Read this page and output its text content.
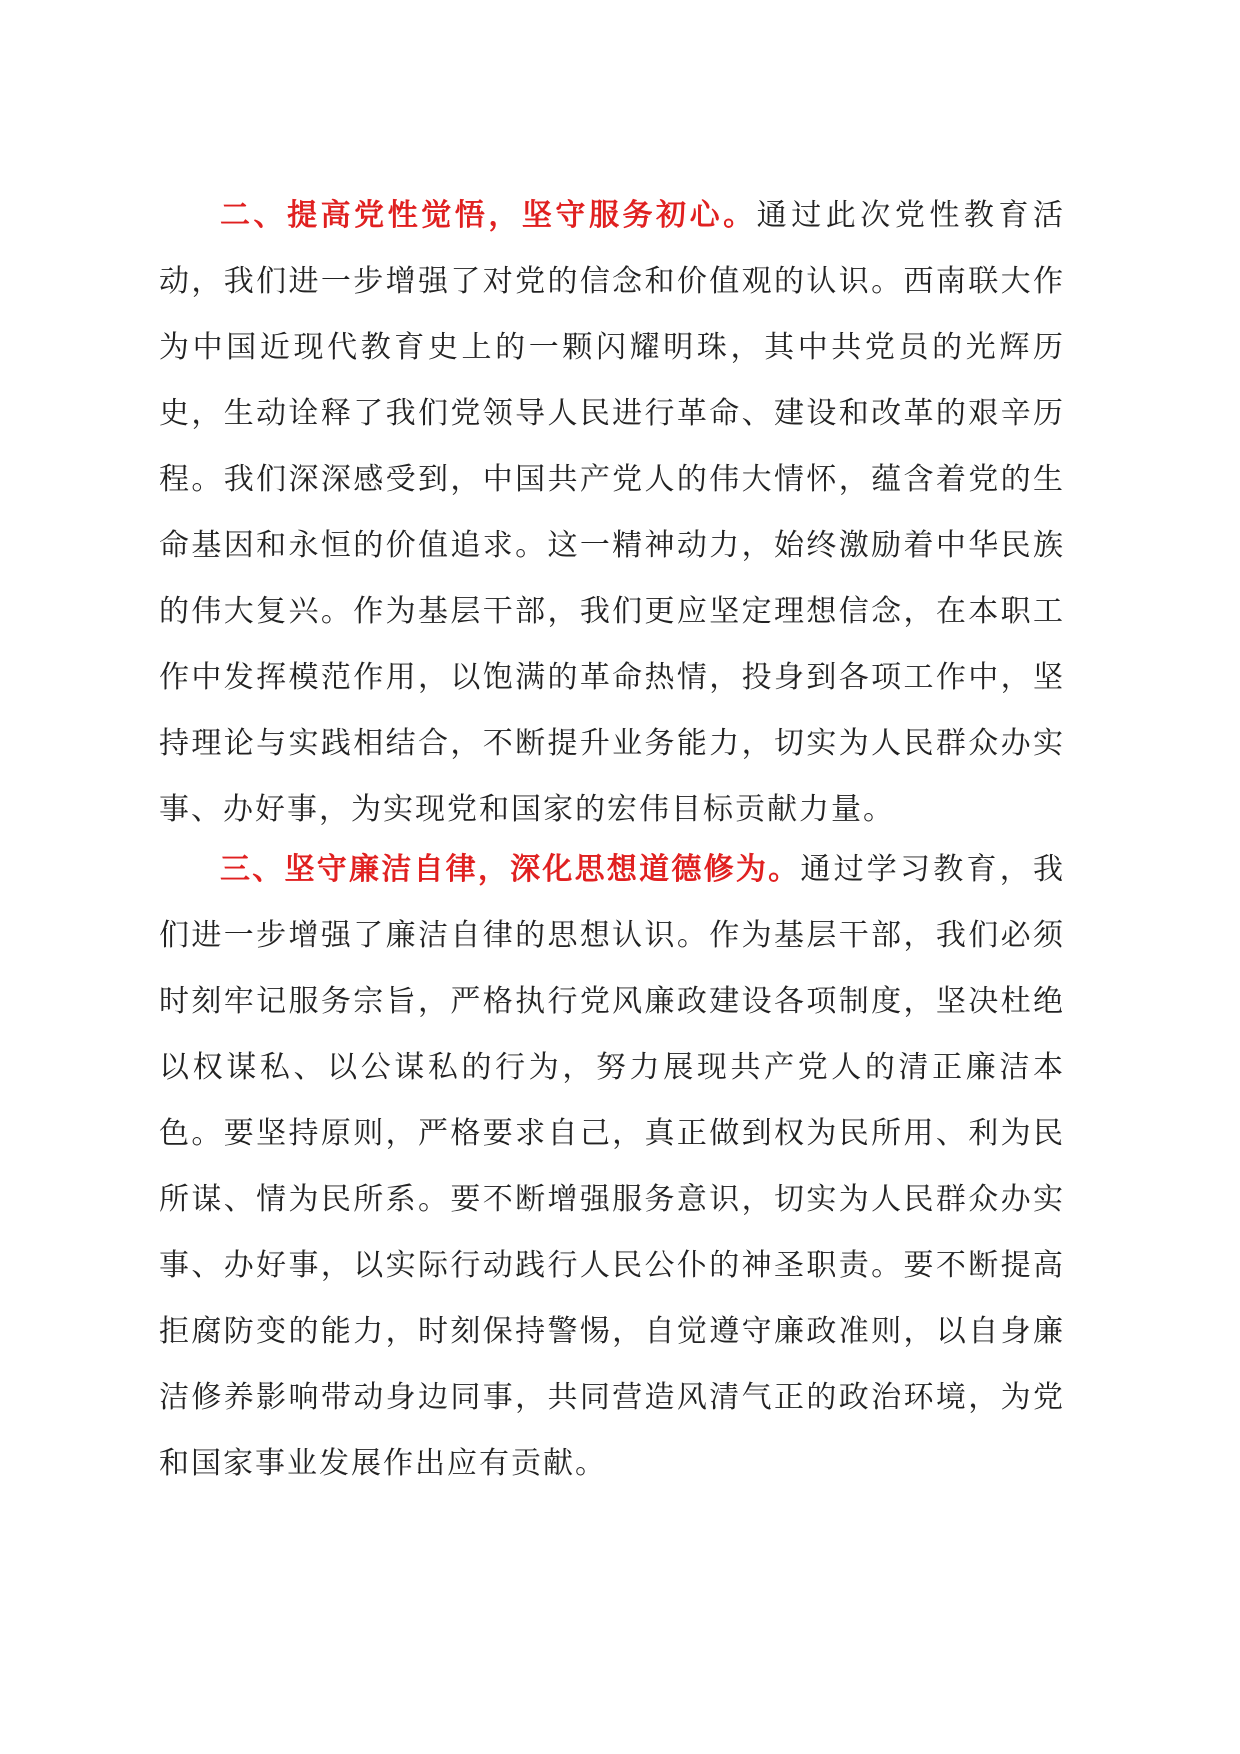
二、提高党性觉悟，坚守服务初心。通过此次党性教育活动，我们进一步增强了对党的信念和价值观的认识。西南联大作为中国近现代教育史上的一颗闪耀明珠，其中共党员的光辉历史，生动诠释了我们党领导人民进行革命、建设和改革的艰辛历程。我们深深感受到，中国共产党人的伟大情怀，蕴含着党的生命基因和永恒的价值追求。这一精神动力，始终激励着中华民族的伟大复兴。作为基层干部，我们更应坚定理想信念，在本职工作中发挥模范作用，以饱满的革命热情，投身到各项工作中，坚持理论与实践相结合，不断提升业务能力，切实为人民群众办实事、办好事，为实现党和国家的宏伟目标贡献力量。

三、坚守廉洁自律，深化思想道德修为。通过学习教育，我们进一步增强了廉洁自律的思想认识。作为基层干部，我们必须时刻牢记服务宗旨，严格执行党风廉政建设各项制度，坚决杜绝以权谋私、以公谋私的行为，努力展现共产党人的清正廉洁本色。要坚持原则，严格要求自己，真正做到权为民所用、利为民所谋、情为民所系。要不断增强服务意识，切实为人民群众办实事、办好事，以实际行动践行人民公仆的神圣职责。要不断提高拒腐防变的能力，时刻保持警惕，自觉遵守廉政准则，以自身廉洁修养影响带动身边同事，共同营造风清气正的政治环境，为党和国家事业发展作出应有贡献。
